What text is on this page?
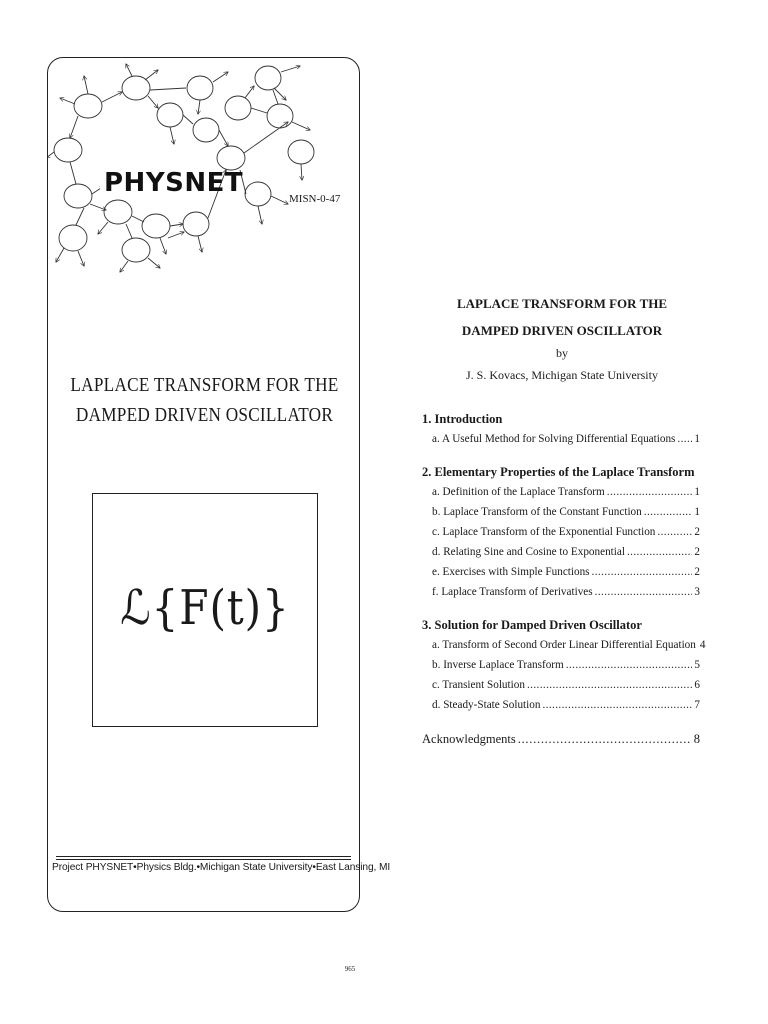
PHYSNET
MISN-0-47
LAPLACE TRANSFORM FOR THE
DAMPED DRIVEN OSCILLATOR
ℒ{F(t)}
Project PHYSNET•Physics Bldg.•Michigan State University•East Lansing, MI
LAPLACE TRANSFORM FOR THE
DAMPED DRIVEN OSCILLATOR
by
J. S. Kovacs, Michigan State University
1. Introduction
a. A Useful Method for Solving Differential Equations . . . 1
2. Elementary Properties of the Laplace Transform
a. Definition of the Laplace Transform . . .	1
b. Laplace Transform of the Constant Function . . .	1
c. Laplace Transform of the Exponential Function . . .	2
d. Relating Sine and Cosine to Exponential . . .	2
e. Exercises with Simple Functions . . .	2
f. Laplace Transform of Derivatives . . .	3
3. Solution for Damped Driven Oscillator
a. Transform of Second Order Linear Differential Equation 4
b. Inverse Laplace Transform . . .	5
c. Transient Solution . . .	6
d. Steady-State Solution . . .	7
Acknowledgments . . .	8
965
